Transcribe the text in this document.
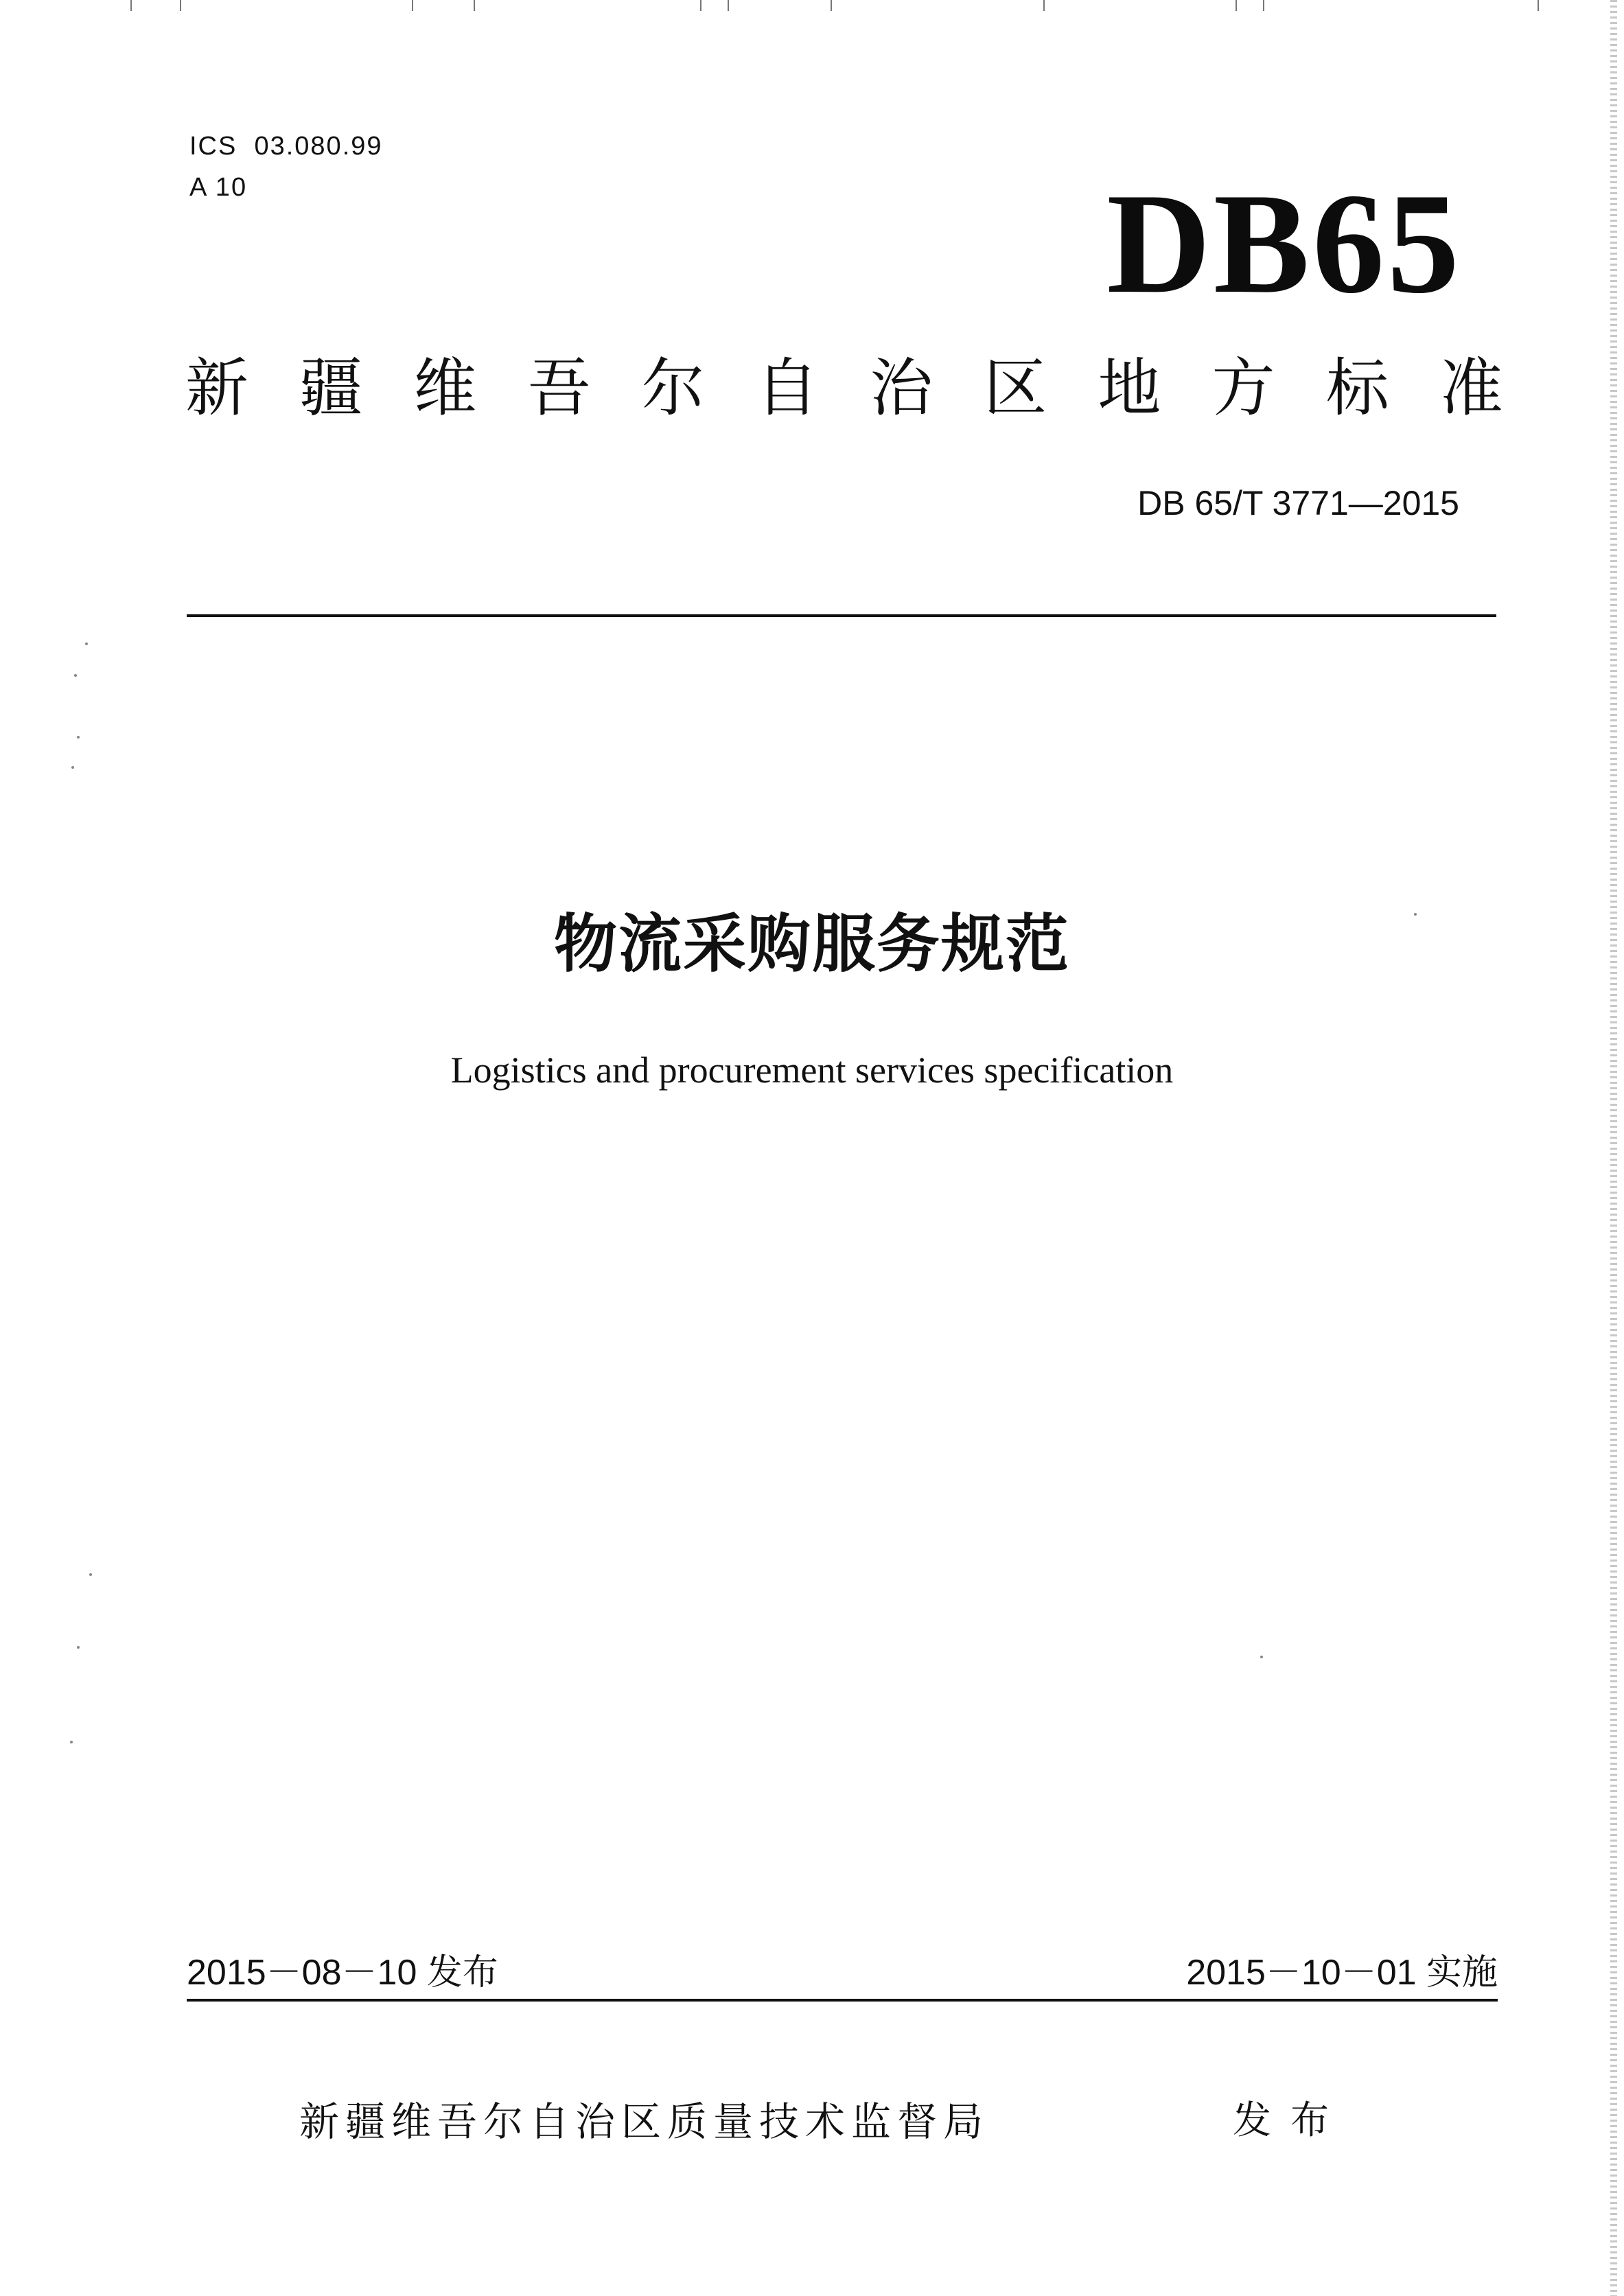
ICS  03.080.99
A 10	DB65
新 疆 维 吾 尔 自 治 区 地 方 标 准
DB 65/T 3771—2015
物流采购服务规范
Logistics and procurement services specification
2015－08－10 发布	2015－10－01 实施
新疆维吾尔自治区质量技术监督局	发布
